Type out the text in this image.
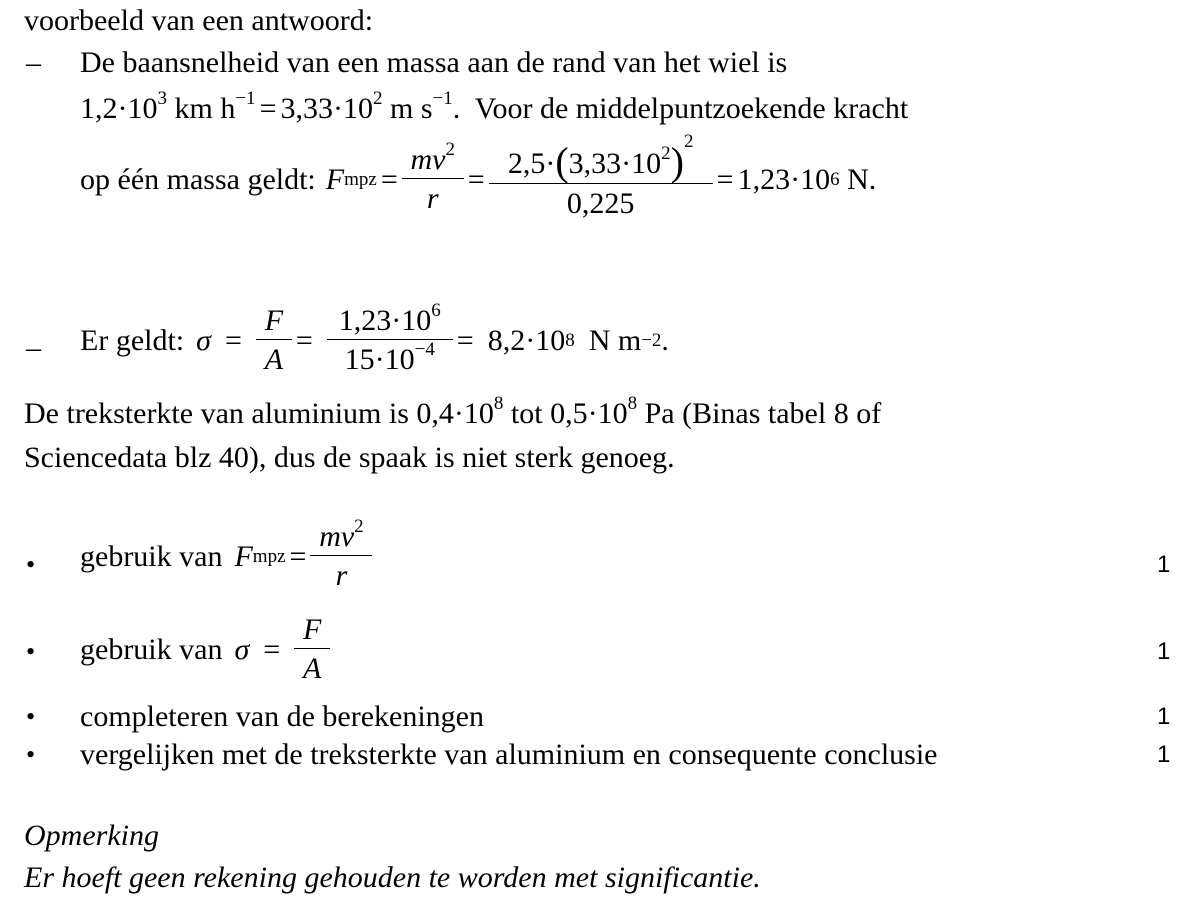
voorbeeld van een antwoord:
– De baansnelheid van een massa aan de rand van het wiel is
$1,2\cdot 10^3$ km $h^{-1} = 3,33\cdot 10^2$ m $s^{-1}$.  Voor de middelpuntzoekende kracht
op één massa geldt: F mpz = $\frac{mv^2}{r} = \frac{2,5\cdot(3,33\cdot 10^2)^2}{0,225} = 1,23\cdot 10$ 6 N.
– Er geldt: $\sigma = \frac{F}{A} = \frac{1,23\cdot 10^6}{15\cdot 10^{-4}} = 8,2\cdot 10$ 8 N m −2 .
De treksterkte van aluminium is $0,4\cdot 10^8$ tot $0,5\cdot 10^8$ Pa (Binas tabel 8 of
Sciencedata blz 40), dus de spaak is niet sterk genoeg.
• gebruik van F mpz = $\frac{mv^2}{r}$	1
• gebruik van $\sigma = \frac{F}{A}$	1
• completeren van de berekeningen	1
• vergelijken met de treksterkte van aluminium en consequente conclusie	1
Opmerking
Er hoeft geen rekening gehouden te worden met significantie.
